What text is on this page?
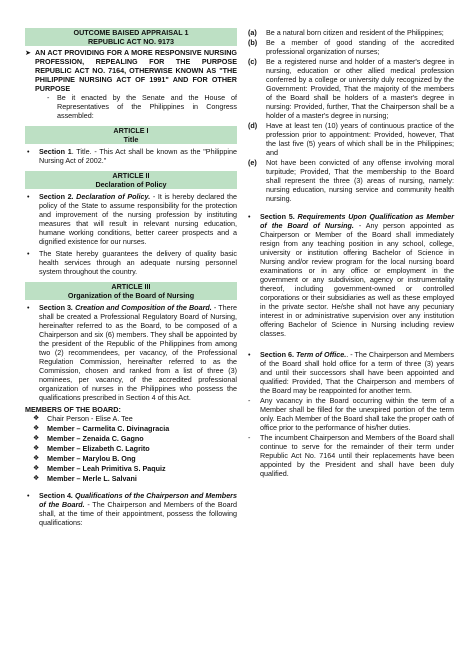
OUTCOME BAISED APPRAISAL 1
REPUBLIC ACT NO. 9173
➤ AN ACT PROVIDING FOR A MORE RESPONSIVE NURSING PROFESSION, REPEALING FOR THE PURPOSE REPUBLIC ACT NO. 7164, OTHERWISE KNOWN AS "THE PHILIPPINE NURSING ACT OF 1991" AND FOR OTHER PURPOSE
-	Be it enacted by the Senate and the House of Representatives of the Philippines in Congress assembled:
ARTICLE I
Title
•	Section 1. Title. - This Act shall be known as the "Philippine Nursing Act of 2002."
ARTICLE II
Declaration of Policy
•	Section 2. Declaration of Policy. - It is hereby declared the policy of the State to assume responsibility for the protection and improvement of the nursing profession by instituting measures that will result in relevant nursing education, humane working conditions, better career prospects and a dignified existence for our nurses.
•	The State hereby guarantees the delivery of quality basic health services through an adequate nursing personnel system throughout the country.
ARTICLE III
Organization of the Board of Nursing
•	Section 3. Creation and Composition of the Board. - There shall be created a Professional Regulatory Board of Nursing, hereinafter referred to as the Board, to be composed of a Chairperson and six (6) members. They shall be appointed by the president of the Republic of the Philippines from among two (2) recommendees, per vacancy, of the Professional Regulation Commission, hereinafter referred to as the Commission, chosen and ranked from a list of three (3) nominees, per vacancy, of the accredited professional organization of nurses in the Philippines who possess the qualifications prescribed in Section 4 of this Act.
MEMBERS OF THE BOARD:
❖	Chair Person - Elise A. Tee
❖	Member – Carmelita C. Divinagracia
❖	Member – Zenaida C. Gagno
❖	Member – Elizabeth C. Lagrito
❖	Member – Marylou B. Ong
❖	Member – Leah Primitiva S. Paquiz
❖	Member – Merle L. Salvani
•	Section 4. Qualifications of the Chairperson and Members of the Board. - The Chairperson and Members of the Board shall, at the time of their appointment, possess the following qualifications:
(a)	Be a natural born citizen and resident of the Philippines;
(b)	Be a member of good standing of the accredited professional organization of nurses;
(c)	Be a registered nurse and holder of a master's degree in nursing, education or other allied medical profession conferred by a college or university duly recognized by the Government: Provided, That the majority of the members of the Board shall be holders of a master's degree in nursing: Provided, further, That the Chairperson shall be a holder of a master's degree in nursing;
(d)	Have at least ten (10) years of continuous practice of the profession prior to appointment: Provided, however, That the last five (5) years of which shall be in the Philippines; and
(e)	Not have been convicted of any offense involving moral turpitude; Provided, That the membership to the Board shall represent the three (3) areas of nursing, namely: nursing education, nursing service and community health nursing.
•	Section 5. Requirements Upon Qualification as Member of the Board of Nursing. - Any person appointed as Chairperson or Member of the Board shall immediately resign from any teaching position in any school, college, university or institution offering Bachelor of Science in Nursing and/or review program for the local nursing board examinations or in any office or employment in the government or any subdivision, agency or instrumentality thereof, including government-owned or controlled corporations or their subsidiaries as well as these employed in the private sector. He/she shall not have any pecuniary interest in or administrative supervision over any institution offering Bachelor of Science in Nursing including review classes.
•	Section 6. Term of Office.. - The Chairperson and Members of the Board shall hold office for a term of three (3) years and until their successors shall have been appointed and qualified: Provided, That the Chairperson and members of the Board may be reappointed for another term.
-	Any vacancy in the Board occurring within the term of a Member shall be filled for the unexpired portion of the term only. Each Member of the Board shall take the proper oath of office prior to the performance of his/her duties.
-	The incumbent Chairperson and Members of the Board shall continue to serve for the remainder of their term under Republic Act No. 7164 until their replacements have been appointed by the President and shall have been duly qualified.
